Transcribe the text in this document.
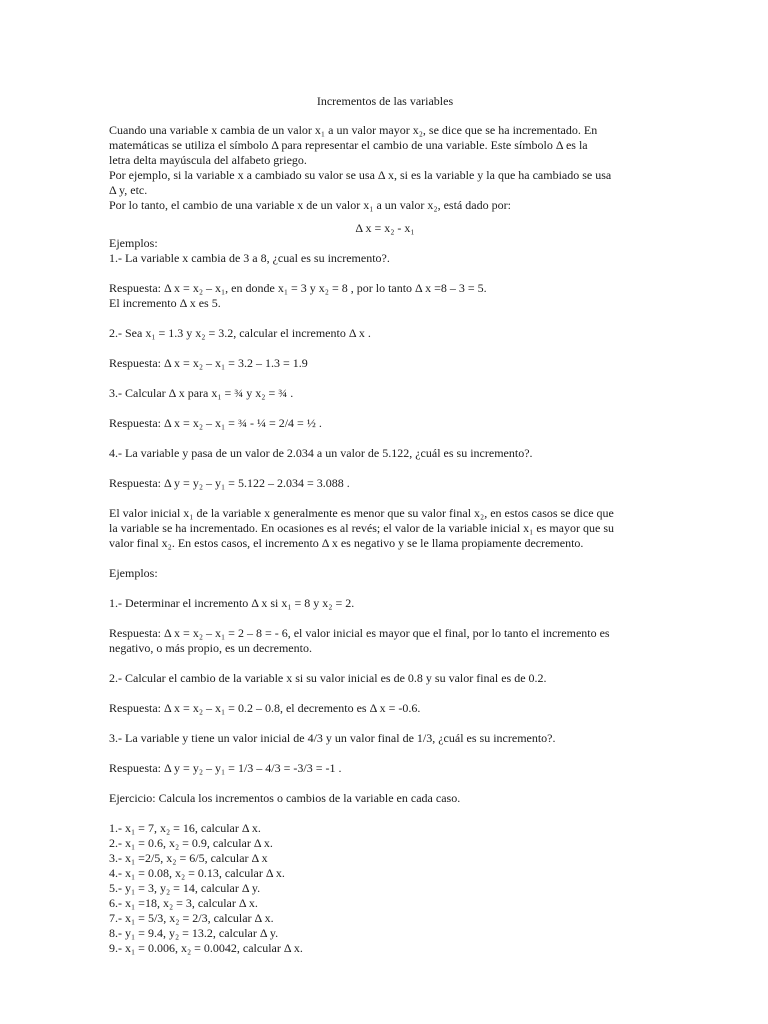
Incrementos de las variables
Cuando una variable x cambia de un valor x₁ a un valor mayor x₂, se dice que se ha incrementado. En
matemáticas se utiliza el símbolo Δ para representar el cambio de una variable. Este símbolo Δ es la
letra delta mayúscula del alfabeto griego.
Por ejemplo, si la variable x a cambiado su valor se usa Δ x, si es la variable y la que ha cambiado se usa
Δ y, etc.
Por lo tanto, el cambio de una variable x de un valor x₁ a un valor x₂, está dado por:
Δ x = x₂ - x₁
Ejemplos:
1.- La variable x cambia de 3 a 8, ¿cual es su incremento?.
Respuesta: Δ x = x₂ – x₁, en donde x₁ = 3 y x₂ = 8 , por lo tanto Δ x =8 – 3 = 5.
El incremento Δ x es 5.
2.- Sea x₁ = 1.3 y x₂ = 3.2, calcular el incremento Δ x .
Respuesta: Δ x = x₂ – x₁ = 3.2 – 1.3 = 1.9
3.- Calcular Δ x para x₁ = ¾ y x₂ = ¾ .
Respuesta: Δ x = x₂ – x₁ = ¾ - ¼ = 2/4 = ½ .
4.- La variable y pasa de un valor de 2.034 a un valor de 5.122, ¿cuál es su incremento?.
Respuesta: Δ y = y₂ – y₁ = 5.122 – 2.034 = 3.088 .
El valor inicial x₁ de la variable x generalmente es menor que su valor final x₂, en estos casos se dice que
la variable se ha incrementado. En ocasiones es al revés; el valor de la variable inicial x₁ es mayor que su
valor final x₂. En estos casos, el incremento Δ x es negativo y se le llama propiamente decremento.
Ejemplos:
1.- Determinar el incremento Δ x si x₁ = 8 y x₂ = 2.
Respuesta: Δ x = x₂ – x₁ = 2 – 8 = - 6, el valor inicial es mayor que el final, por lo tanto el incremento es
negativo, o más propio, es un decremento.
2.- Calcular el cambio de la variable x si su valor inicial es de 0.8 y su valor final es de 0.2.
Respuesta: Δ x = x₂ – x₁ = 0.2 – 0.8, el decremento es Δ x = -0.6.
3.- La variable y tiene un valor inicial de 4/3 y un valor final de 1/3, ¿cuál es su incremento?.
Respuesta: Δ y = y₂ – y₁ = 1/3 – 4/3 = -3/3 = -1 .
Ejercicio: Calcula los incrementos o cambios de la variable en cada caso.
1.- x₁ = 7, x₂ = 16, calcular Δ x.
2.- x₁ = 0.6, x₂ = 0.9, calcular Δ x.
3.- x₁ =2/5, x₂ = 6/5, calcular Δ x
4.- x₁ = 0.08, x₂ = 0.13, calcular Δ x.
5.- y₁ = 3, y₂ = 14, calcular Δ y.
6.- x₁ =18, x₂ = 3, calcular Δ x.
7.- x₁ = 5/3, x₂ = 2/3, calcular Δ x.
8.- y₁ = 9.4, y₂ = 13.2, calcular Δ y.
9.- x₁ = 0.006, x₂ = 0.0042, calcular Δ x.
